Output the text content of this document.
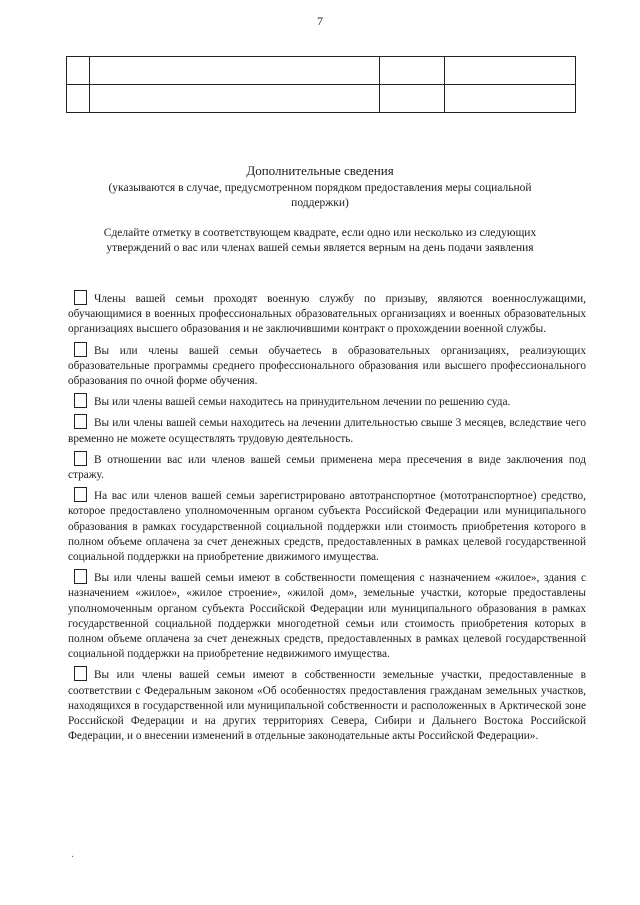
7

Дополнительные сведения
(указываются в случае, предусмотренном порядком предоставления меры социальной поддержки)
Сделайте отметку в соответствующем квадрате, если одно или несколько из следующих утверждений о вас или членах вашей семьи является верным на день подачи заявления
Члены вашей семьи проходят военную службу по призыву, являются военнослужащими, обучающимися в военных профессиональных образовательных организациях и военных образовательных организациях высшего образования и не заключившими контракт о прохождении военной службы.
Вы или члены вашей семьи обучаетесь в образовательных организациях, реализующих образовательные программы среднего профессионального образования или высшего профессионального образования по очной форме обучения.
Вы или члены вашей семьи находитесь на принудительном лечении по решению суда.
Вы или члены вашей семьи находитесь на лечении длительностью свыше 3 месяцев, вследствие чего временно не можете осуществлять трудовую деятельность.
В отношении вас или членов вашей семьи применена мера пресечения в виде заключения под стражу.
На вас или членов вашей семьи зарегистрировано автотранспортное (мототранспортное) средство, которое предоставлено уполномоченным органом субъекта Российской Федерации или муниципального образования в рамках государственной социальной поддержки или стоимость приобретения которого в полном объеме оплачена за счет денежных средств, предоставленных в рамках целевой государственной социальной поддержки на приобретение движимого имущества.
Вы или члены вашей семьи имеют в собственности помещения с назначением «жилое», здания с назначением «жилое», «жилое строение», «жилой дом», земельные участки, которые предоставлены уполномоченным органом субъекта Российской Федерации или муниципального образования в рамках государственной социальной поддержки многодетной семьи или стоимость приобретения которых в полном объеме оплачена за счет денежных средств, предоставленных в рамках целевой государственной социальной поддержки на приобретение недвижимого имущества.
Вы или члены вашей семьи имеют в собственности земельные участки, предоставленные в соответствии с Федеральным законом «Об особенностях предоставления гражданам земельных участков, находящихся в государственной или муниципальной собственности и расположенных в Арктической зоне Российской Федерации и на других территориях Севера, Сибири и Дальнего Востока Российской Федерации, и о внесении изменений в отдельные законодательные акты Российской Федерации».
·
